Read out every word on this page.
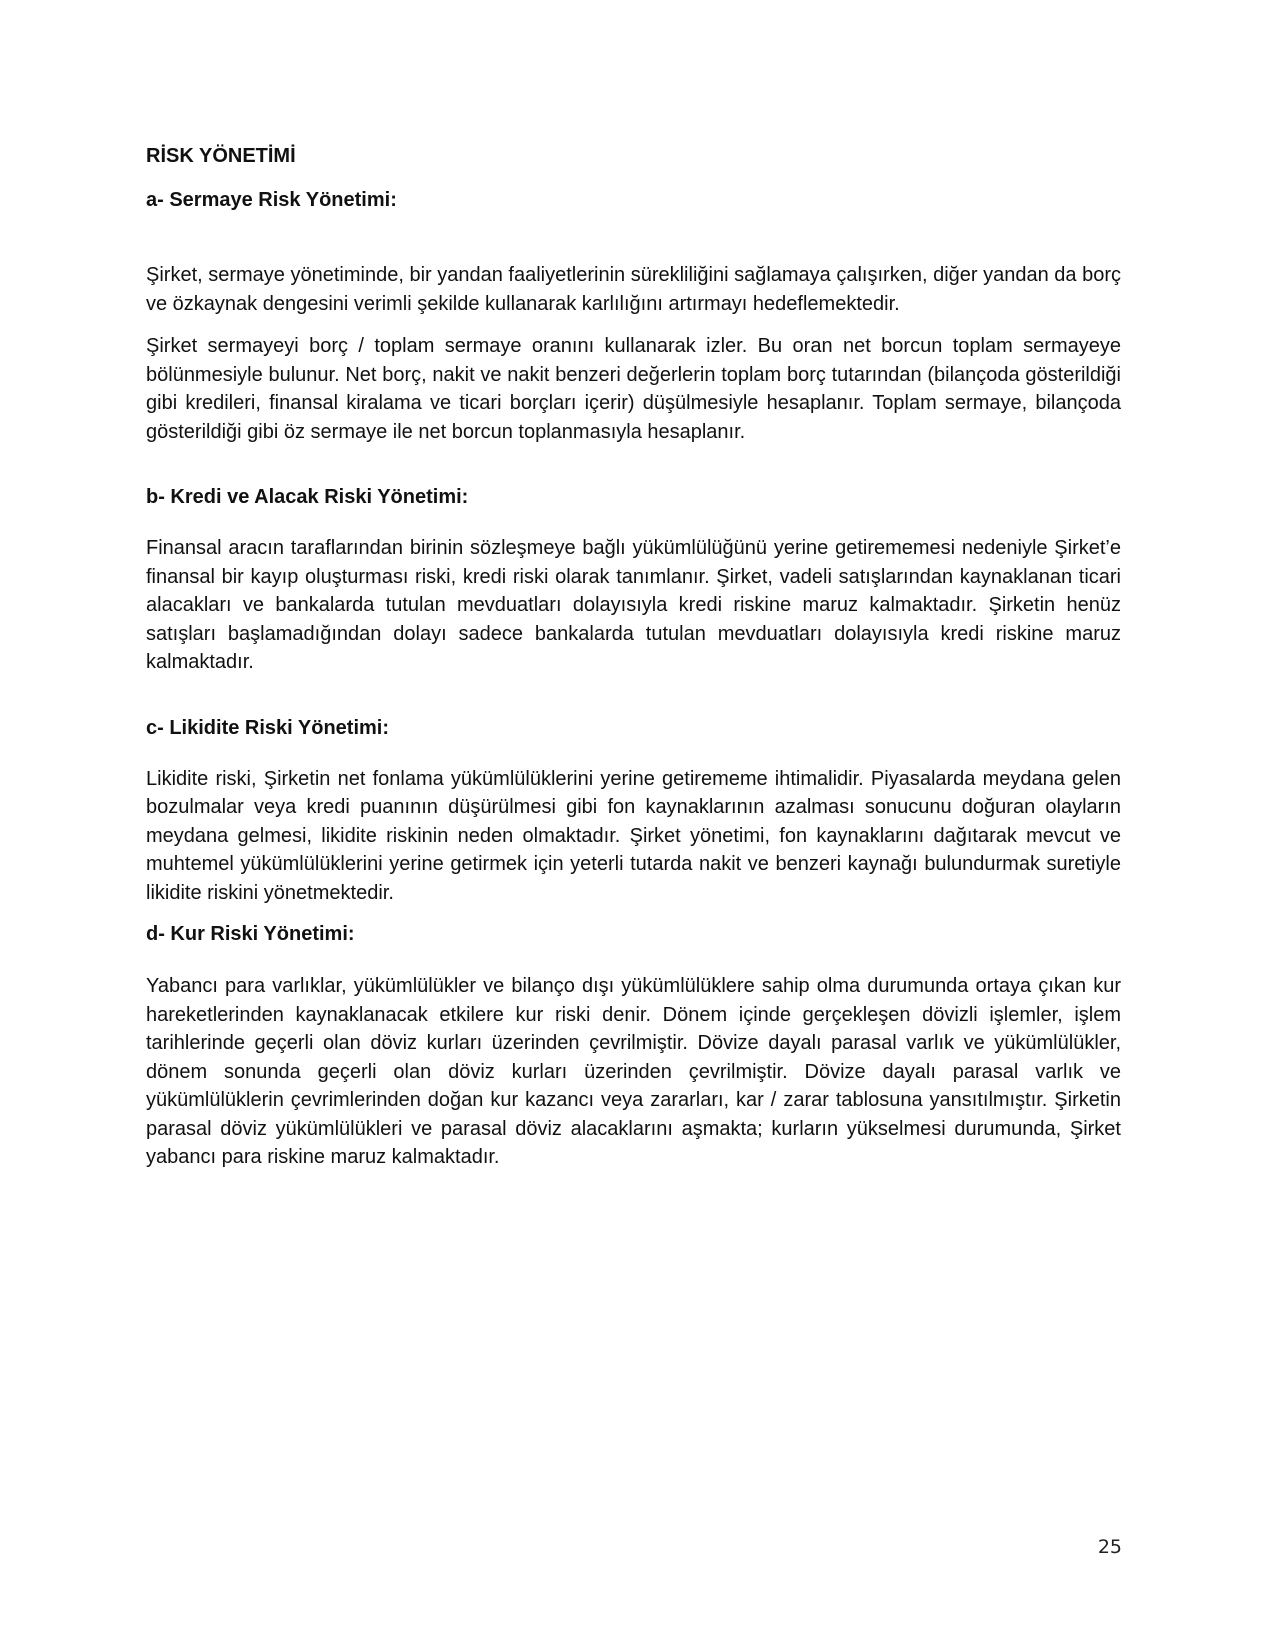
RİSK YÖNETİMİ
a- Sermaye Risk Yönetimi:

Şirket, sermaye yönetiminde, bir yandan faaliyetlerinin sürekliliğini sağlamaya çalışırken, diğer yandan da borç ve özkaynak dengesini verimli şekilde kullanarak karlılığını artırmayı hedeflemektedir.

Şirket sermayeyi borç / toplam sermaye oranını kullanarak izler. Bu oran net borcun toplam sermayeye bölünmesiyle bulunur. Net borç, nakit ve nakit benzeri değerlerin toplam borç tutarından (bilançoda gösterildiği gibi kredileri, finansal kiralama ve ticari borçları içerir) düşülmesiyle hesaplanır. Toplam sermaye, bilançoda gösterildiği gibi öz sermaye ile net borcun toplanmasıyla hesaplanır.

b- Kredi ve Alacak Riski Yönetimi:

Finansal aracın taraflarından birinin sözleşmeye bağlı yükümlülüğünü yerine getirememesi nedeniyle Şirket’e finansal bir kayıp oluşturması riski, kredi riski olarak tanımlanır. Şirket, vadeli satışlarından kaynaklanan ticari alacakları ve bankalarda tutulan mevduatları dolayısıyla kredi riskine maruz kalmaktadır. Şirketin henüz satışları başlamadığından dolayı sadece bankalarda tutulan mevduatları dolayısıyla kredi riskine maruz kalmaktadır.

c- Likidite Riski Yönetimi:

Likidite riski, Şirketin net fonlama yükümlülüklerini yerine getirememe ihtimalidir. Piyasalarda meydana gelen bozulmalar veya kredi puanının düşürülmesi gibi fon kaynaklarının azalması sonucunu doğuran olayların meydana gelmesi, likidite riskinin neden olmaktadır. Şirket yönetimi, fon kaynaklarını dağıtarak mevcut ve muhtemel yükümlülüklerini yerine getirmek için yeterli tutarda nakit ve benzeri kaynağı bulundurmak suretiyle likidite riskini yönetmektedir.

d- Kur Riski Yönetimi:

Yabancı para varlıklar, yükümlülükler ve bilanço dışı yükümlülüklere sahip olma durumunda ortaya çıkan kur hareketlerinden kaynaklanacak etkilere kur riski denir. Dönem içinde gerçekleşen dövizli işlemler, işlem tarihlerinde geçerli olan döviz kurları üzerinden çevrilmiştir. Dövize dayalı parasal varlık ve yükümlülükler, dönem sonunda geçerli olan döviz kurları üzerinden çevrilmiştir. Dövize dayalı parasal varlık ve yükümlülüklerin çevrimlerinden doğan kur kazancı veya zararları, kar / zarar tablosuna yansıtılmıştır. Şirketin parasal döviz yükümlülükleri ve parasal döviz alacaklarını aşmakta; kurların yükselmesi durumunda, Şirket yabancı para riskine maruz kalmaktadır.

25
